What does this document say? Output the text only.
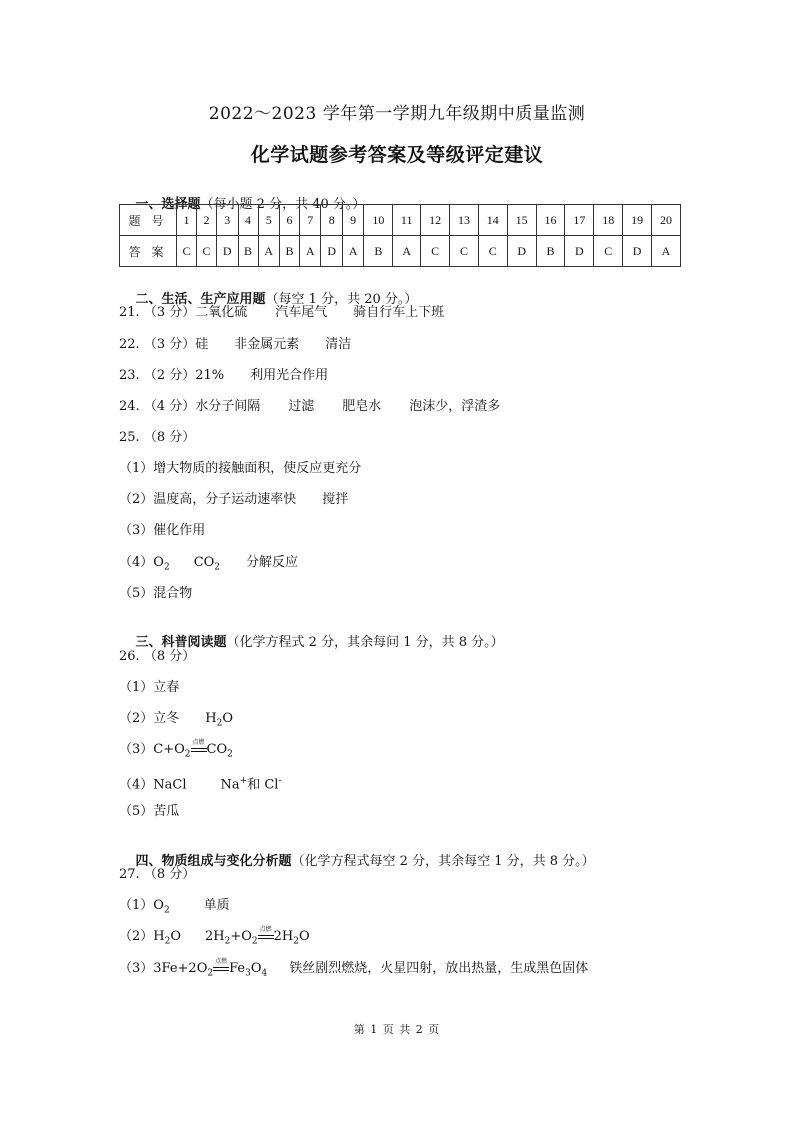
2022～2023 学年第一学期九年级期中质量监测
化学试题参考答案及等级评定建议

一、选择题（每小题 2 分，共 40 分。）

题 号	1	2	3	4	5	6	7	8	9	10	11	12	13	14	15	16	17	18	19	20
答 案	C	C	D	B	A	B	A	D	A	B	A	C	C	C	D	B	D	C	D	A

二、生活、生产应用题（每空 1 分，共 20 分。）

21. （3 分）二氧化硫 汽车尾气 骑自行车上下班
22. （3 分）硅 非金属元素 清洁
23. （2 分）21% 利用光合作用
24. （4 分）水分子间隔 过滤 肥皂水 泡沫少，浮渣多
25. （8 分）
（1）增大物质的接触面积，使反应更充分
（2）温度高，分子运动速率快 搅拌
（3）催化作用
$(4)O_2$ $CO_2$ 分解反应
（5）混合物

三、科普阅读题（化学方程式 2 分，其余每问 1 分，共 8 分。）

26. （8 分）
（1）立春
（2）立冬 $H_2O$
$(3)C+O_2$
点燃 $CO_2$
（4）NaCl	Na+和 Cl-
（5）苦瓜

四、物质组成与变化分析题（化学方程式每空 2 分，其余每空 1 分，共 8 分。）

27. （8 分）
$(1)O_2$	单质
$(2)H_2O$ $2H_2+O_2$
点燃 $2H_2O$
$(3)3Fe+2O_2$
点燃 $Fe_3O_4$ 铁丝剧烈燃烧，火星四射，放出热量，生成黑色固体
第 1 页 共 2 页
